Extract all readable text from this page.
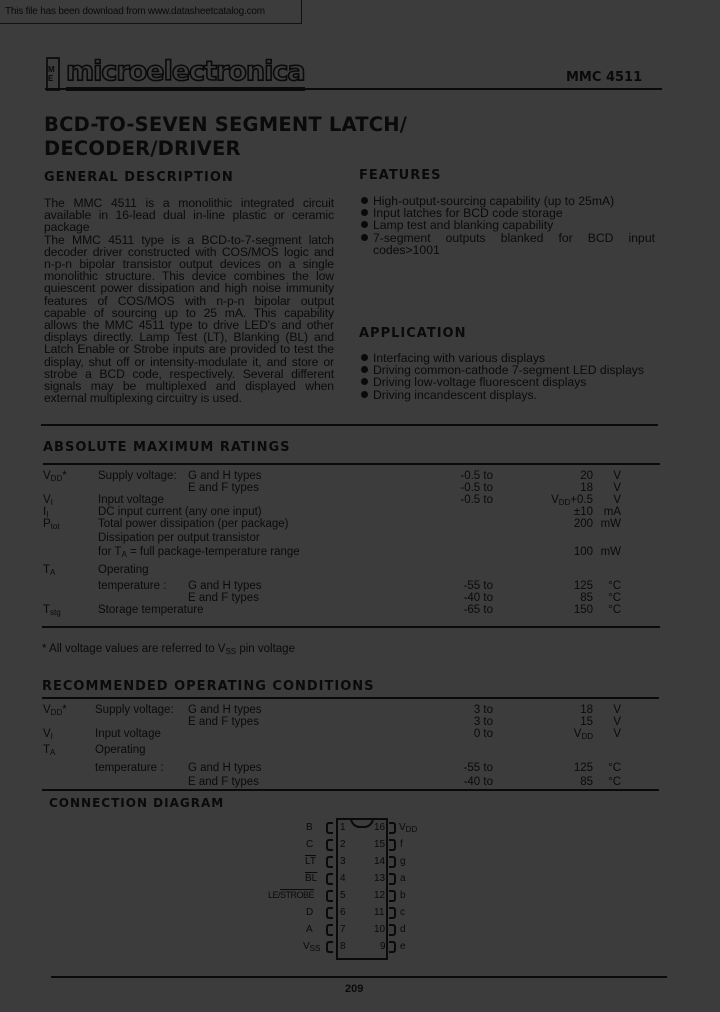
This file has been download from www.datasheetcatalog.com
M E microelectronica	MMC 4511
BCD-TO-SEVEN SEGMENT LATCH/
DECODER/DRIVER
GENERAL DESCRIPTION

The MMC 4511 is a monolithic integrated circuit available in 16-lead dual in-line plastic or ceramic package

The MMC 4511 type is a BCD-to-7-segment latch decoder driver constructed with COS/MOS logic and n-p-n bipolar transistor output devices on a single monolithic structure. This device combines the low quiescent power dissipation and high noise immunity features of COS/MOS with n-p-n bipolar output capable of sourcing up to 25 mA. This capability allows the MMC 4511 type to drive LED's and other displays directly. Lamp Test (LT), Blanking (BL) and Latch Enable or Strobe inputs are provided to test the display, shut off or intensity-modulate it, and store or strobe a BCD code, respectively. Several different signals may be multiplexed and displayed when external multiplexing circuitry is used.

FEATURES
High-output-sourcing capability (up to 25mA)
Input latches for BCD code storage
Lamp test and blanking capability
7-segment outputs blanked for BCD input codes>1001
APPLICATION
Interfacing with various displays
Driving common-cathode 7-segment LED displays
Driving low-voltage fluorescent displays
Driving incandescent displays.
ABSOLUTE MAXIMUM RATINGS
$V_{DD}*$	Supply voltage: G and H types	-0.5 to	20	V
E and F types	-0.5 to	18	V
$V_I$	Input voltage	-0.5 to	$V_{DD}+0.5$	V
$I_I$	DC input current (any one input)	±10 mA
$P_{tot}$	Total power dissipation (per package)	200 mW
Dissipation per output transistor
for $T_A$ = full package-temperature range	100 mW
$T_A$	Operating
temperature : G and H types	-55 to	125	°C
E and F types	-40 to	85	°C
$T_{stg}$	Storage temperature	-65 to	150	°C
* All voltage values are referred to $V_{SS}$ pin voltage
RECOMMENDED OPERATING CONDITIONS
$V_{DD}*$ Supply voltage: G and H types	3 to	18	V
E and F types	3 to	15	V
$V_I$	Input voltage	0 to	$V_{DD}$	V
$T_A$	Operating
temperature : G and H types	-55 to	125	°C
E and F types	-40 to	85	°C
CONNECTION DIAGRAM
1
2
3
4
5
6
7
8
16
15
14
13
12
11
10
9
B
C
$\overline{LT}$
$\overline{BL}$
LE/STROBE
D
A
$V_{SS}$
$V_{DD}$
f
g
a
b
c
d
e
209
